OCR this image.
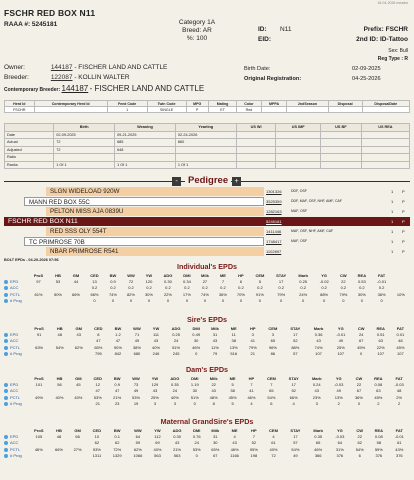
16-04-2026 meadsr
FSCHR RED BOX N11
RAAA #: 5245181	Category 1A
Breed: AR
%: 100
ID: N11
EID:
Prefix: FSCHR
2nd ID: ID-Tattoo
Sex: Bull
Reg Type : R
Owner:	144187 - FISCHER LAND AND CATTLE
Breeder:	122087 - KOLLIN WALTER
Contemporary Breeder: 144187 - FISCHER LAND AND CATTLE
Birth Date:	02-09-2025
Original Registration:	04-25-2026
Herd Id	Contemporary Herd Id	Feed Code	Twin Code	MPG	Mating	Color	MPPA	2ndSeason	Disposal	DisposalDate
FSCHR		1	SINGLE	P	ET	Red				
	Birth	Weaning	Yearling	US WI	US IMF	US BF	US REA
Date	02-09-2025	09-21-2025	02-24-2026				
Actual	72	685	860				
Adjusted	72	648					
Ratio							
Ranks	1 Of 1	1 Of 1	1 Of 1				
-	Pedigree +
SLGN WIDELOAD 920W	1301326	DDF, OSF	1 P
MANN RED BOX 55C	3525359	DDF, MAF, OSF, NHF, AMF, CAF	1 P
PELTON MISS AJA 0839U	1282163	MAF, OSF	1 P
FSCHR RED BOX N11	5245181	1 P
RED SSS OLY 554T	1411446	MAF, OSF, NHF, AMF, CAF	1 P
TC PRIMROSE 70B	1748417	MAF, OSF	1 P
NBAR PRIMROSE R541	1102897	1 P
BOLT EPDs - 04-20-2026 07:56
Individual's EPDs
	ProS	HB	GM	CED	BW	WW	YW	ADG	DMI	Milk	ME	HP	CEM	STAY	Marb	YG	CW	REA	FAT	
EPD	97	53	44	13	0.9	72	120	0.30	0.34	27	7	6	5	17	0.25	-0.02	22	0.53	-0.01	
ACC				0.2	0.2	0.2	0.2	0.2	0.2	0.2	0.2	0.2	0.2	0.2	0.2	0.2	0.2	0.2	0.2	
PCTL	61%	50%	66%	66%	74%	82%	30%	22%	17%	74%	36%	70%	91%	79%	24%	88%	79%	30%	36%	10%
# Prog				0	0	0	0	0	0	0	0	0	0	0	0	0	0	0	0	
Sire's EPDs
	ProS	HB	GM	CED	BW	WW	YW	ADG	DMI	Milk	ME	HP	CEM	STAY	Marb	YG	CW	REA	FAT
EPD	91	48	43	8	1.2	71	111	0.25	0.49	31	11	3	3	17	0.36	-0.01	24	0.51	0.01
ACC				47	47	49	43	24	30	43	38	41	65	52	43	49	67	63	48
PCTL	63%	54%	62%	65%	90%	38%	40%	51%	46%	11%	13%	79%	96%	88%	74%	25%	45%	22%	45%
# Prog				795	842	680	246	245	0	79	516	21	86	57	107	107	0	107	107
Dam's EPDs
	ProS	HB	GM	CED	BW	WW	YW	ADG	DMI	Milk	ME	HP	CEM	STAY	Marb	YG	CW	REA	FAT
EPD	101	56	45	12	0.9	73	129	0.35	1.19	22	5	7	7	17	0.24	-0.03	22	0.08	-0.03
ACC				47	47	49	43	24	30	43	38	41	65	52	43	49	67	63	48
PCTL	49%	40%	40%	53%	21%	53%	25%	40%	51%	48%	45%	46%	54%	66%	23%	13%	36%	45%	2%
# Prog				21	23	19	3	3	0	8	5	4	6	4	3	2	0	2	2
Maternal GrandSire's EPDs
	ProS	HB	GM	CED	BW	WW	YW	ADG	DMI	Milk	ME	HP	CEM	STAY	Marb	YG	CW	REA	FAT
EPD	105	48	66	10	0.1	64	112	0.30	0.76	31	4	7	4	17	0.35	-0.03	22	0.08	-0.01
ACC				62	62	59	69	43	24	30	43	52	61	57	65	64	62	58	61
PCTL	46%	66%	27%	53%	72%	62%	40%	21%	53%	65%	46%	95%	40%	54%	46%	31%	54%	59%	43%
# Prog				1311	1329	1066	563	563	0	67	1166	198	72	49	366	376	6	376	376
